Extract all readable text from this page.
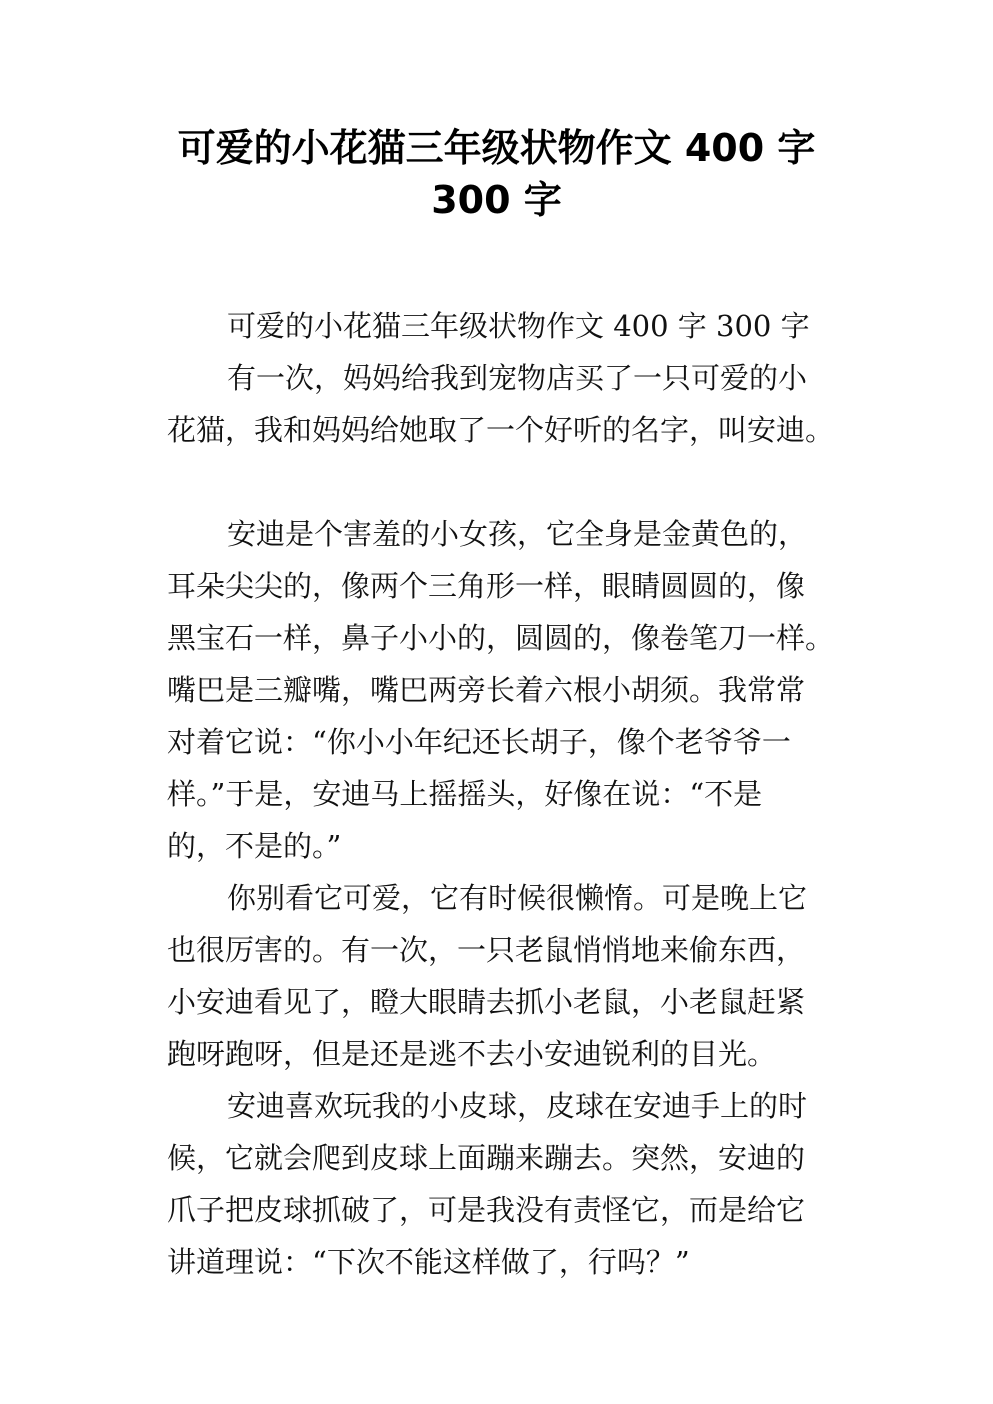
可爱的小花猫三年级状物作文 400 字
300 字
可爱的小花猫三年级状物作文 400 字 300 字
有一次，妈妈给我到宠物店买了一只可爱的小
花猫，我和妈妈给她取了一个好听的名字，叫安迪。
安迪是个害羞的小女孩，它全身是金黄色的，
耳朵尖尖的，像两个三角形一样，眼睛圆圆的，像
黑宝石一样，鼻子小小的，圆圆的，像卷笔刀一样。
嘴巴是三瓣嘴，嘴巴两旁长着六根小胡须。我常常
对着它说：“你小小年纪还长胡子，像个老爷爷一
样。”于是，安迪马上摇摇头，好像在说：“不是
的，不是的。”
你别看它可爱，它有时候很懒惰。可是晚上它
也很厉害的。有一次，一只老鼠悄悄地来偷东西，
小安迪看见了，瞪大眼睛去抓小老鼠，小老鼠赶紧
跑呀跑呀，但是还是逃不去小安迪锐利的目光。
安迪喜欢玩我的小皮球，皮球在安迪手上的时
候，它就会爬到皮球上面蹦来蹦去。突然，安迪的
爪子把皮球抓破了，可是我没有责怪它，而是给它
讲道理说：“下次不能这样做了，行吗？”
